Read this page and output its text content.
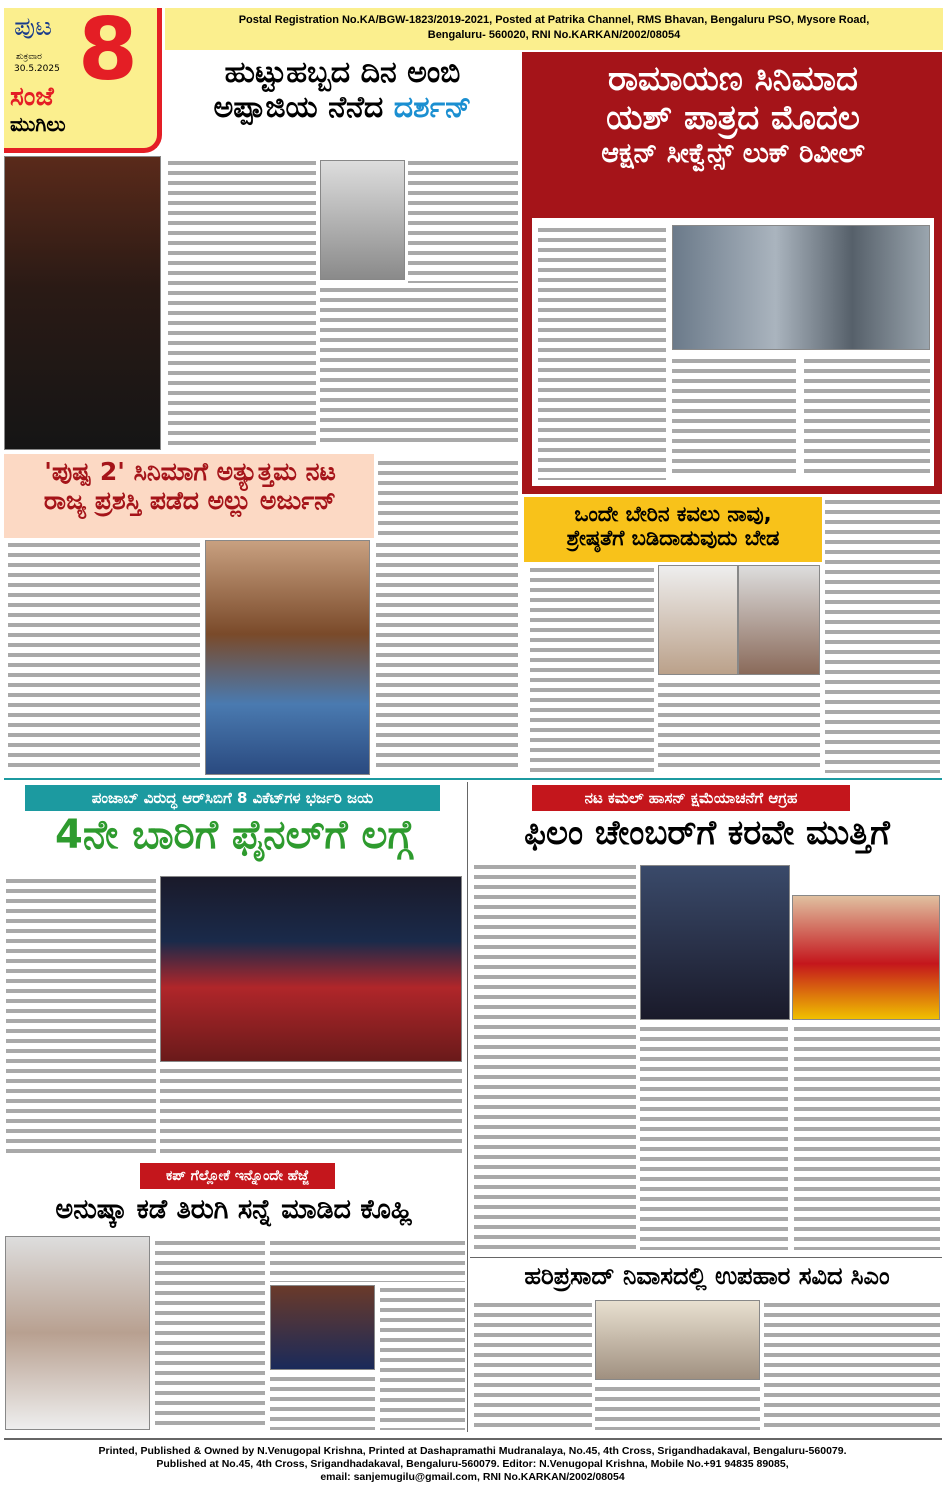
ಪುಟ 8
ಶುಕ್ರವಾರ
30.5.2025
ಸಂಜೆ
ಮುಗಿಲು
Postal Registration No.KA/BGW-1823/2019-2021, Posted at Patrika Channel, RMS Bhavan, Bengaluru PSO, Mysore Road,
Bengaluru- 560020, RNI No.KARKAN/2002/08054
ಹುಟ್ಟುಹಬ್ಬದ ದಿನ ಅಂಬಿ
ಅಪ್ಪಾಜಿಯ ನೆನೆದ ದರ್ಶನ್
ರಾಮಾಯಣ ಸಿನಿಮಾದ
ಯಶ್ ಪಾತ್ರದ ಮೊದಲ
ಆಕ್ಷನ್ ಸೀಕ್ವೆನ್ಸ್ ಲುಕ್ ರಿವೀಲ್
'ಪುಷ್ಪ 2' ಸಿನಿಮಾಗೆ ಅತ್ಯುತ್ತಮ ನಟ
ರಾಜ್ಯ ಪ್ರಶಸ್ತಿ ಪಡೆದ ಅಲ್ಲು ಅರ್ಜುನ್	ಒಂದೇ ಬೇರಿನ ಕವಲು ನಾವು,
ಶ್ರೇಷ್ಠತೆಗೆ ಬಡಿದಾಡುವುದು ಬೇಡ
ಪಂಜಾಬ್ ವಿರುದ್ಧ ಆರ್‌ಸಿಬಿಗೆ 8 ವಿಕೆಟ್‌ಗಳ ಭರ್ಜರಿ ಜಯ
4ನೇ ಬಾರಿಗೆ ಫೈನಲ್‌ಗೆ ಲಗ್ಗೆ
ನಟ ಕಮಲ್ ಹಾಸನ್ ಕ್ಷಮೆಯಾಚನೆಗೆ ಆಗ್ರಹ
ಫಿಲಂ ಚೇಂಬರ್‌ಗೆ ಕರವೇ ಮುತ್ತಿಗೆ
ಕಪ್ ಗೆಲ್ಲೋಕೆ ಇನ್ನೊಂದೇ ಹೆಜ್ಜೆ
ಅನುಷ್ಕಾ ಕಡೆ ತಿರುಗಿ ಸನ್ನೆ ಮಾಡಿದ ಕೊಹ್ಲಿ
ಹರಿಪ್ರಸಾದ್ ನಿವಾಸದಲ್ಲಿ ಉಪಹಾರ ಸವಿದ ಸಿಎಂ
Printed, Published & Owned by N.Venugopal Krishna, Printed at Dashapramathi Mudranalaya, No.45, 4th Cross, Srigandhadakaval, Bengaluru-560079.
Published at No.45, 4th Cross, Srigandhadakaval, Bengaluru-560079. Editor: N.Venugopal Krishna, Mobile No.+91 94835 89085,
email: sanjemugilu@gmail.com, RNI No.KARKAN/2002/08054
